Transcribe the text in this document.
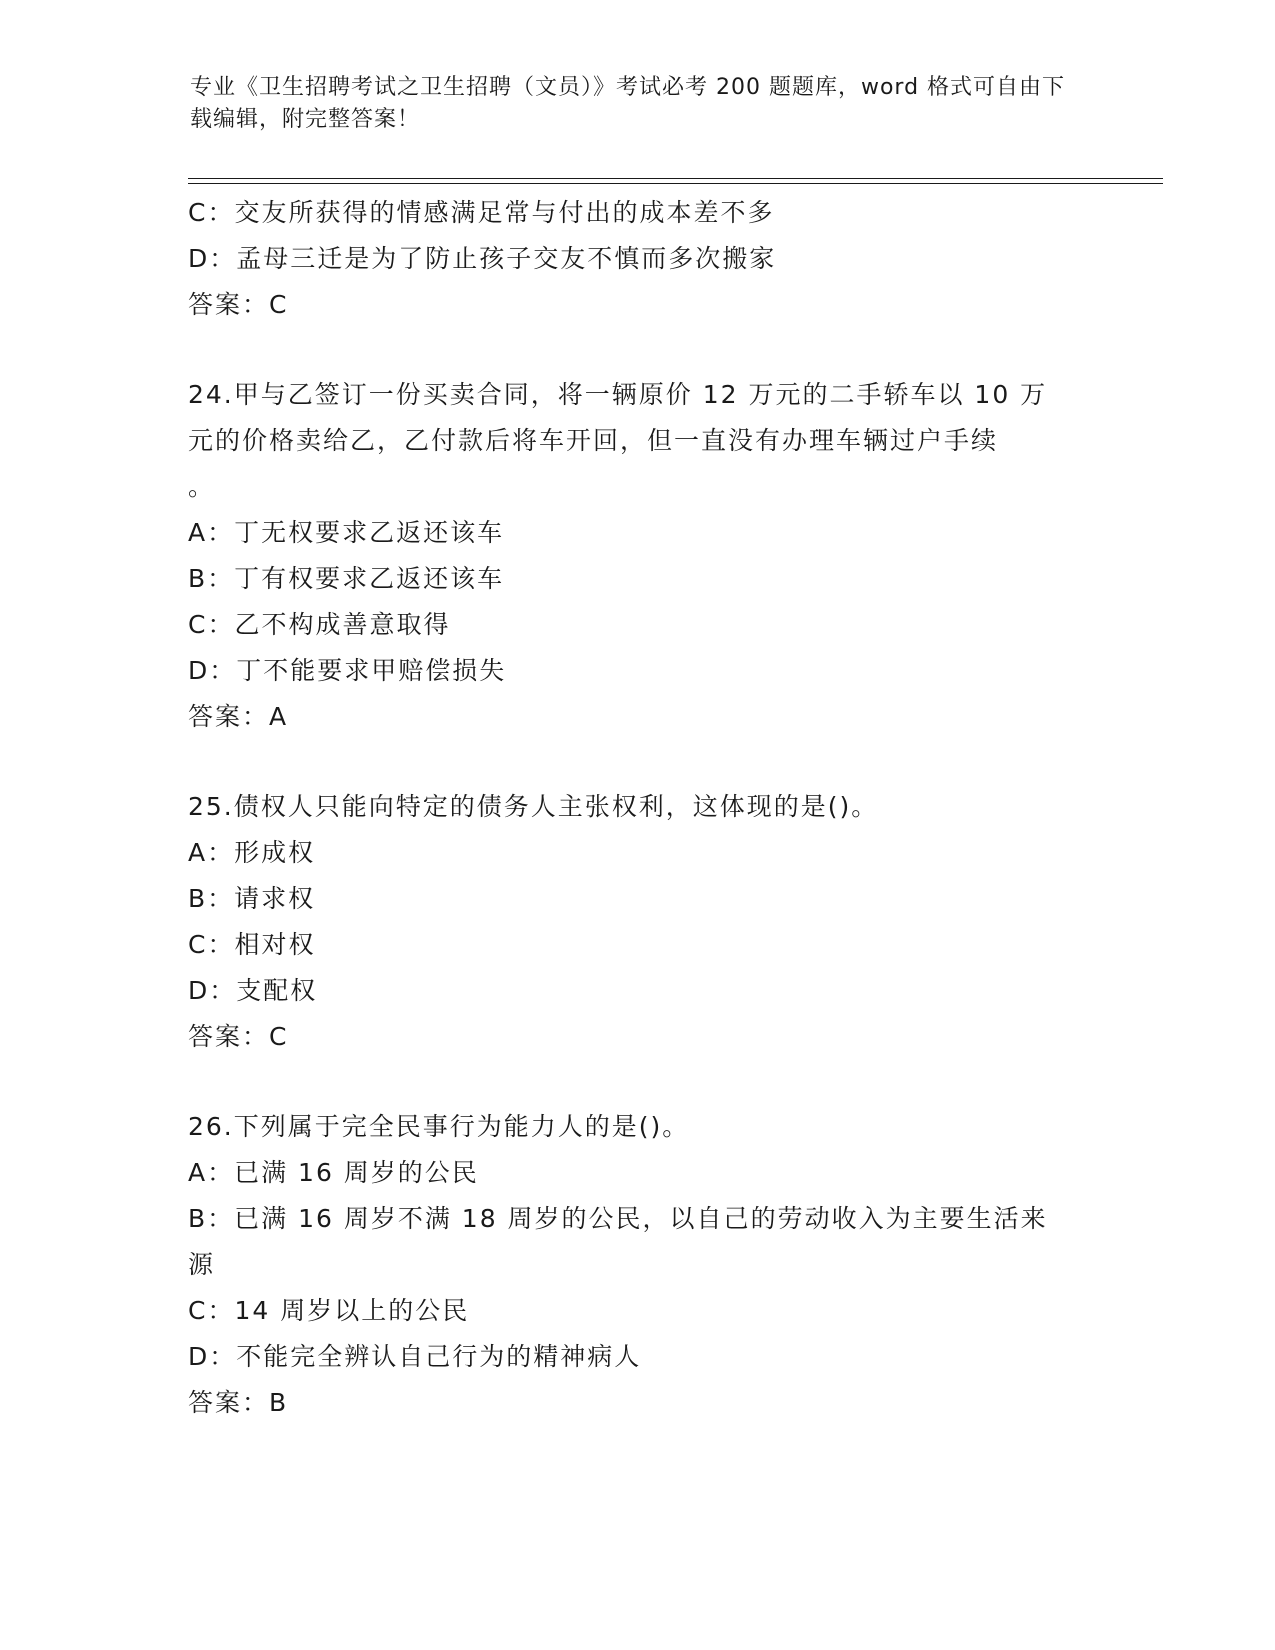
专业《卫生招聘考试之卫生招聘（文员）》考试必考 200 题题库，word 格式可自由下载编辑，附完整答案！
C：交友所获得的情感满足常与付出的成本差不多
D：孟母三迁是为了防止孩子交友不慎而多次搬家
答案：C
24.甲与乙签订一份买卖合同，将一辆原价 12 万元的二手轿车以 10 万
元的价格卖给乙，乙付款后将车开回，但一直没有办理车辆过户手续
。
A：丁无权要求乙返还该车
B：丁有权要求乙返还该车
C：乙不构成善意取得
D：丁不能要求甲赔偿损失
答案：A
25.债权人只能向特定的债务人主张权利，这体现的是()。
A：形成权
B：请求权
C：相对权
D：支配权
答案：C
26.下列属于完全民事行为能力人的是()。
A：已满 16 周岁的公民
B：已满 16 周岁不满 18 周岁的公民，以自己的劳动收入为主要生活来
源
C：14 周岁以上的公民
D：不能完全辨认自己行为的精神病人
答案：B
